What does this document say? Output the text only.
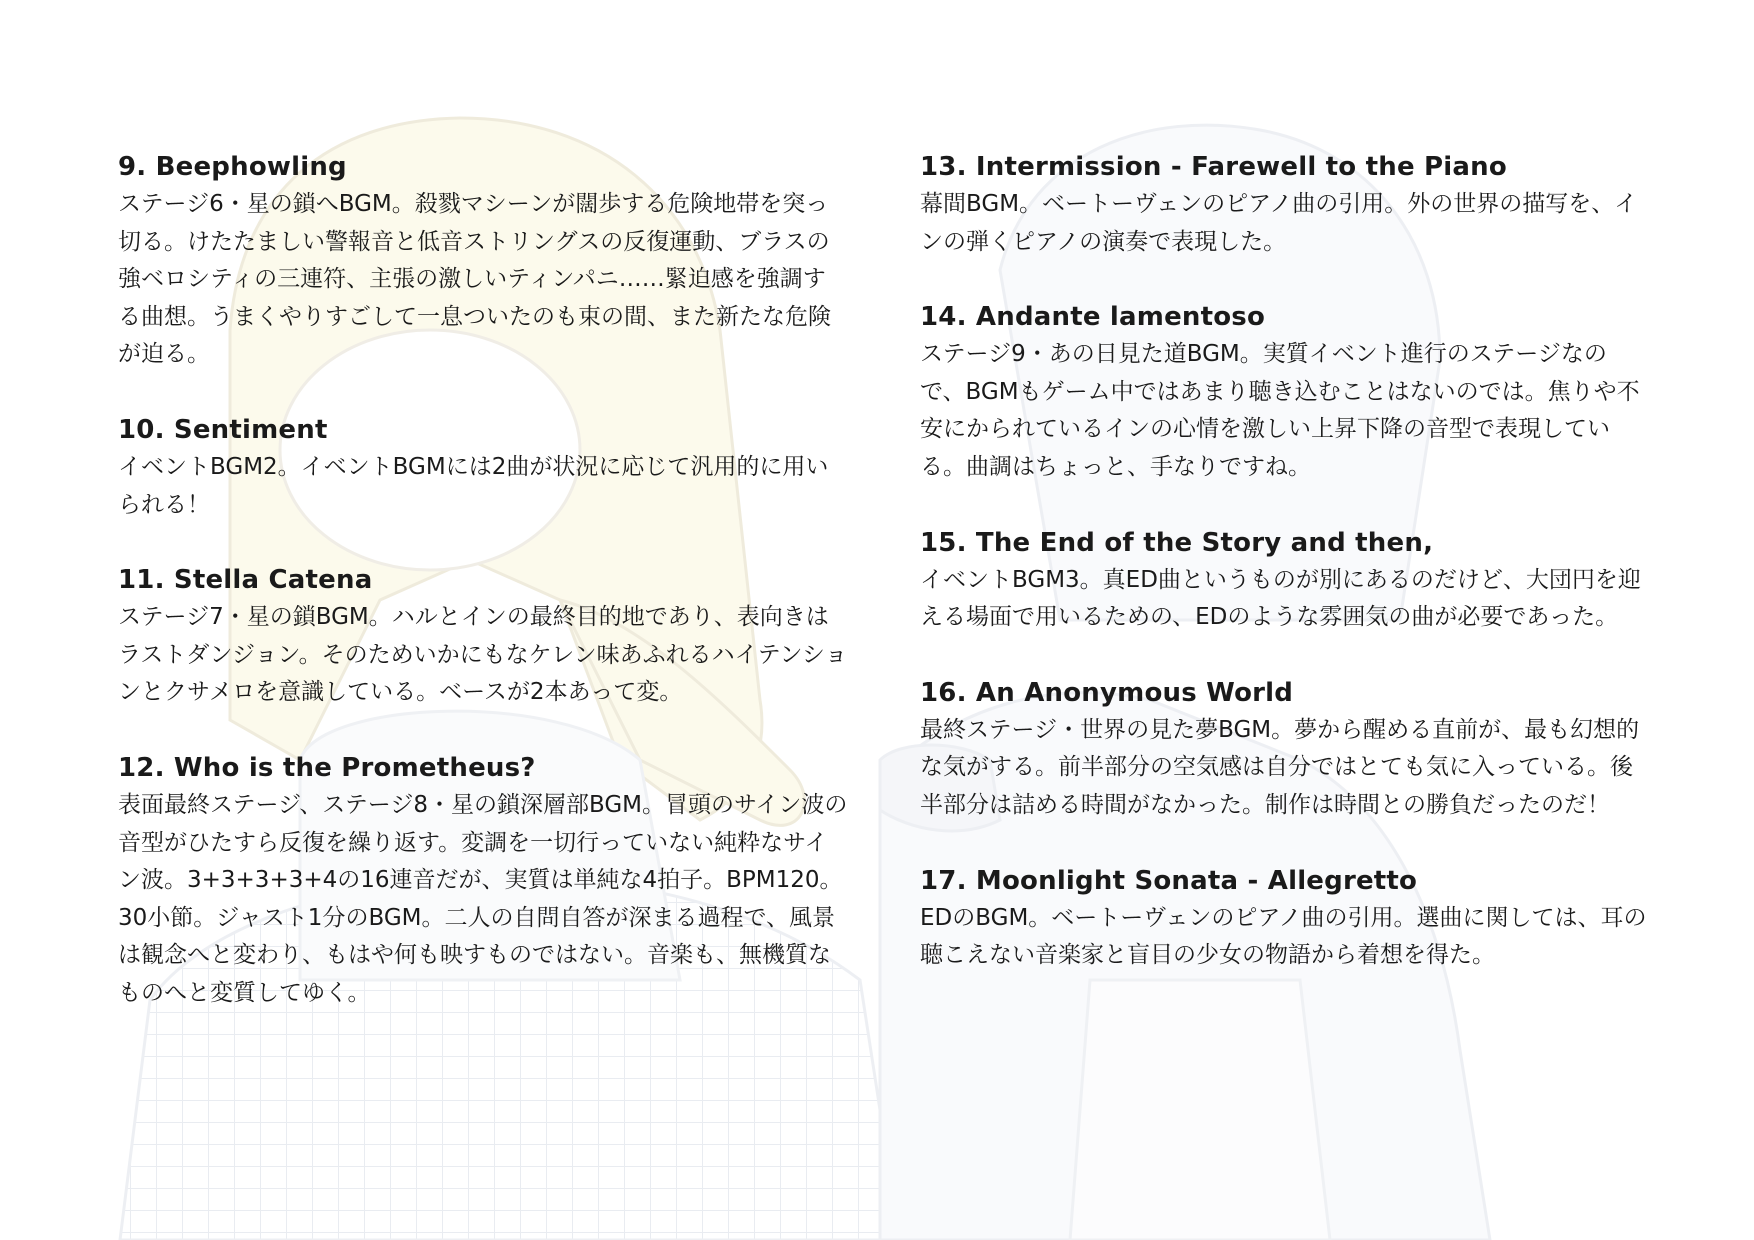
9. Beephowling

ステージ6・星の鎖へBGM。殺戮マシーンが闊歩する危険地帯を突っ切る。けたたましい警報音と低音ストリングスの反復運動、ブラスの強ベロシティの三連符、主張の激しいティンパニ……緊迫感を強調する曲想。うまくやりすごして一息ついたのも束の間、また新たな危険が迫る。

10. Sentiment

イベントBGM2。イベントBGMには2曲が状況に応じて汎用的に用いられる！

11. Stella Catena

ステージ7・星の鎖BGM。ハルとインの最終目的地であり、表向きはラストダンジョン。そのためいかにもなケレン味あふれるハイテンションとクサメロを意識している。ベースが2本あって変。

12. Who is the Prometheus?

表面最終ステージ、ステージ8・星の鎖深層部BGM。冒頭のサイン波の音型がひたすら反復を繰り返す。変調を一切行っていない純粋なサイン波。3+3+3+3+4の16連音だが、実質は単純な4拍子。BPM120。30小節。ジャスト1分のBGM。二人の自問自答が深まる過程で、風景は観念へと変わり、もはや何も映すものではない。音楽も、無機質なものへと変質してゆく。

13. Intermission - Farewell to the Piano

幕間BGM。ベートーヴェンのピアノ曲の引用。外の世界の描写を、インの弾くピアノの演奏で表現した。

14. Andante lamentoso

ステージ9・あの日見た道BGM。実質イベント進行のステージなので、BGMもゲーム中ではあまり聴き込むことはないのでは。焦りや不安にかられているインの心情を激しい上昇下降の音型で表現している。曲調はちょっと、手なりですね。

15. The End of the Story and then,

イベントBGM3。真ED曲というものが別にあるのだけど、大団円を迎える場面で用いるための、EDのような雰囲気の曲が必要であった。

16. An Anonymous World

最終ステージ・世界の見た夢BGM。夢から醒める直前が、最も幻想的な気がする。前半部分の空気感は自分ではとても気に入っている。後半部分は詰める時間がなかった。制作は時間との勝負だったのだ！

17. Moonlight Sonata - Allegretto

EDのBGM。ベートーヴェンのピアノ曲の引用。選曲に関しては、耳の聴こえない音楽家と盲目の少女の物語から着想を得た。
